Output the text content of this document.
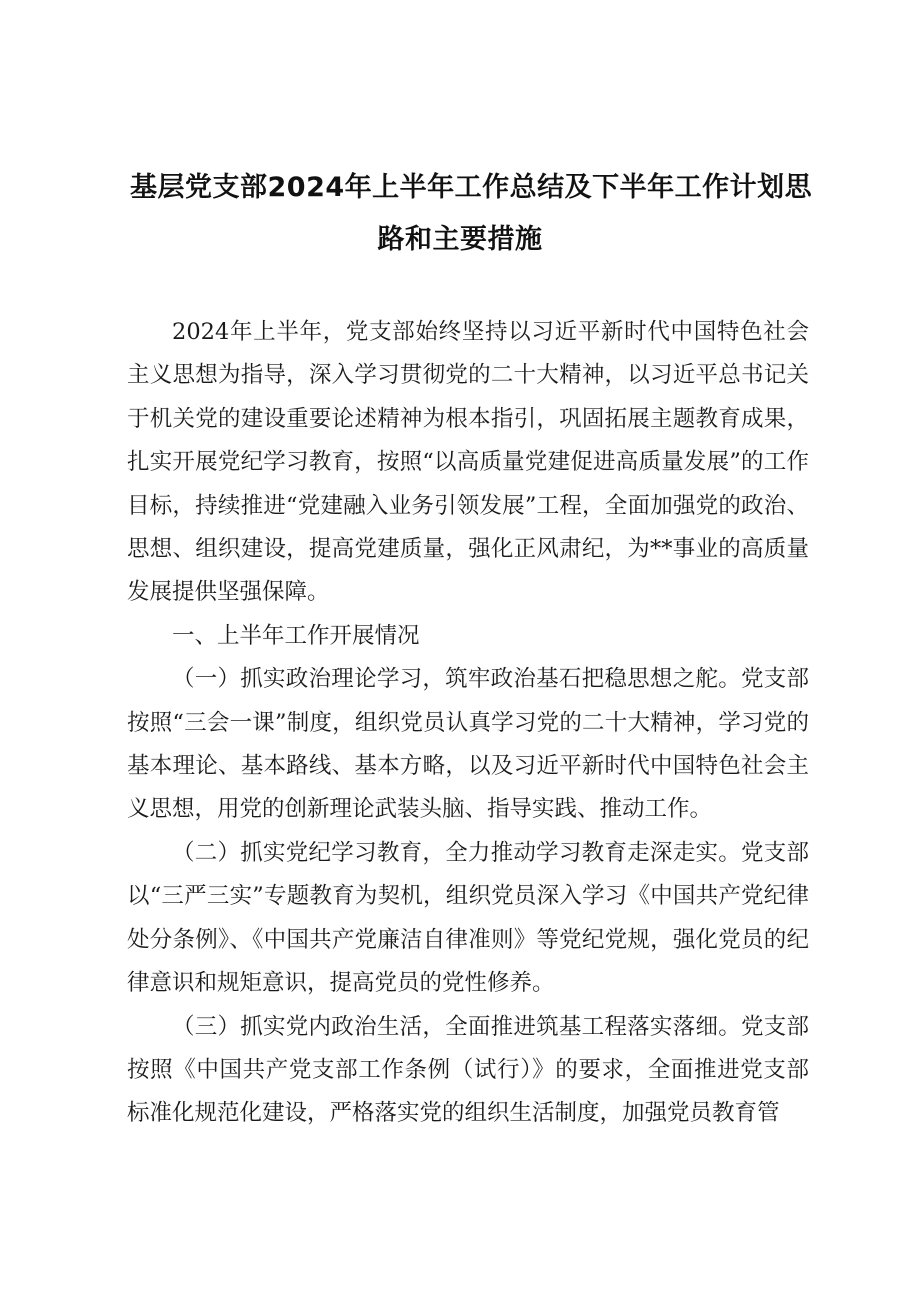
基层党支部2024年上半年工作总结及下半年工作计划思
路和主要措施

2024年上半年，党支部始终坚持以习近平新时代中国特色社会主义思想为指导，深入学习贯彻党的二十大精神，以习近平总书记关于机关党的建设重要论述精神为根本指引，巩固拓展主题教育成果，扎实开展党纪学习教育，按照“以高质量党建促进高质量发展”的工作目标，持续推进“党建融入业务引领发展”工程，全面加强党的政治、思想、组织建设，提高党建质量，强化正风肃纪，为**事业的高质量发展提供坚强保障。

一、上半年工作开展情况

（一）抓实政治理论学习，筑牢政治基石把稳思想之舵。党支部按照“三会一课”制度，组织党员认真学习党的二十大精神，学习党的基本理论、基本路线、基本方略，以及习近平新时代中国特色社会主义思想，用党的创新理论武装头脑、指导实践、推动工作。

（二）抓实党纪学习教育，全力推动学习教育走深走实。党支部以“三严三实”专题教育为契机，组织党员深入学习《中国共产党纪律处分条例》、《中国共产党廉洁自律准则》等党纪党规，强化党员的纪律意识和规矩意识，提高党员的党性修养。

（三）抓实党内政治生活，全面推进筑基工程落实落细。党支部按照《中国共产党支部工作条例（试行）》的要求，全面推进党支部标准化规范化建设，严格落实党的组织生活制度，加强党员教育管
